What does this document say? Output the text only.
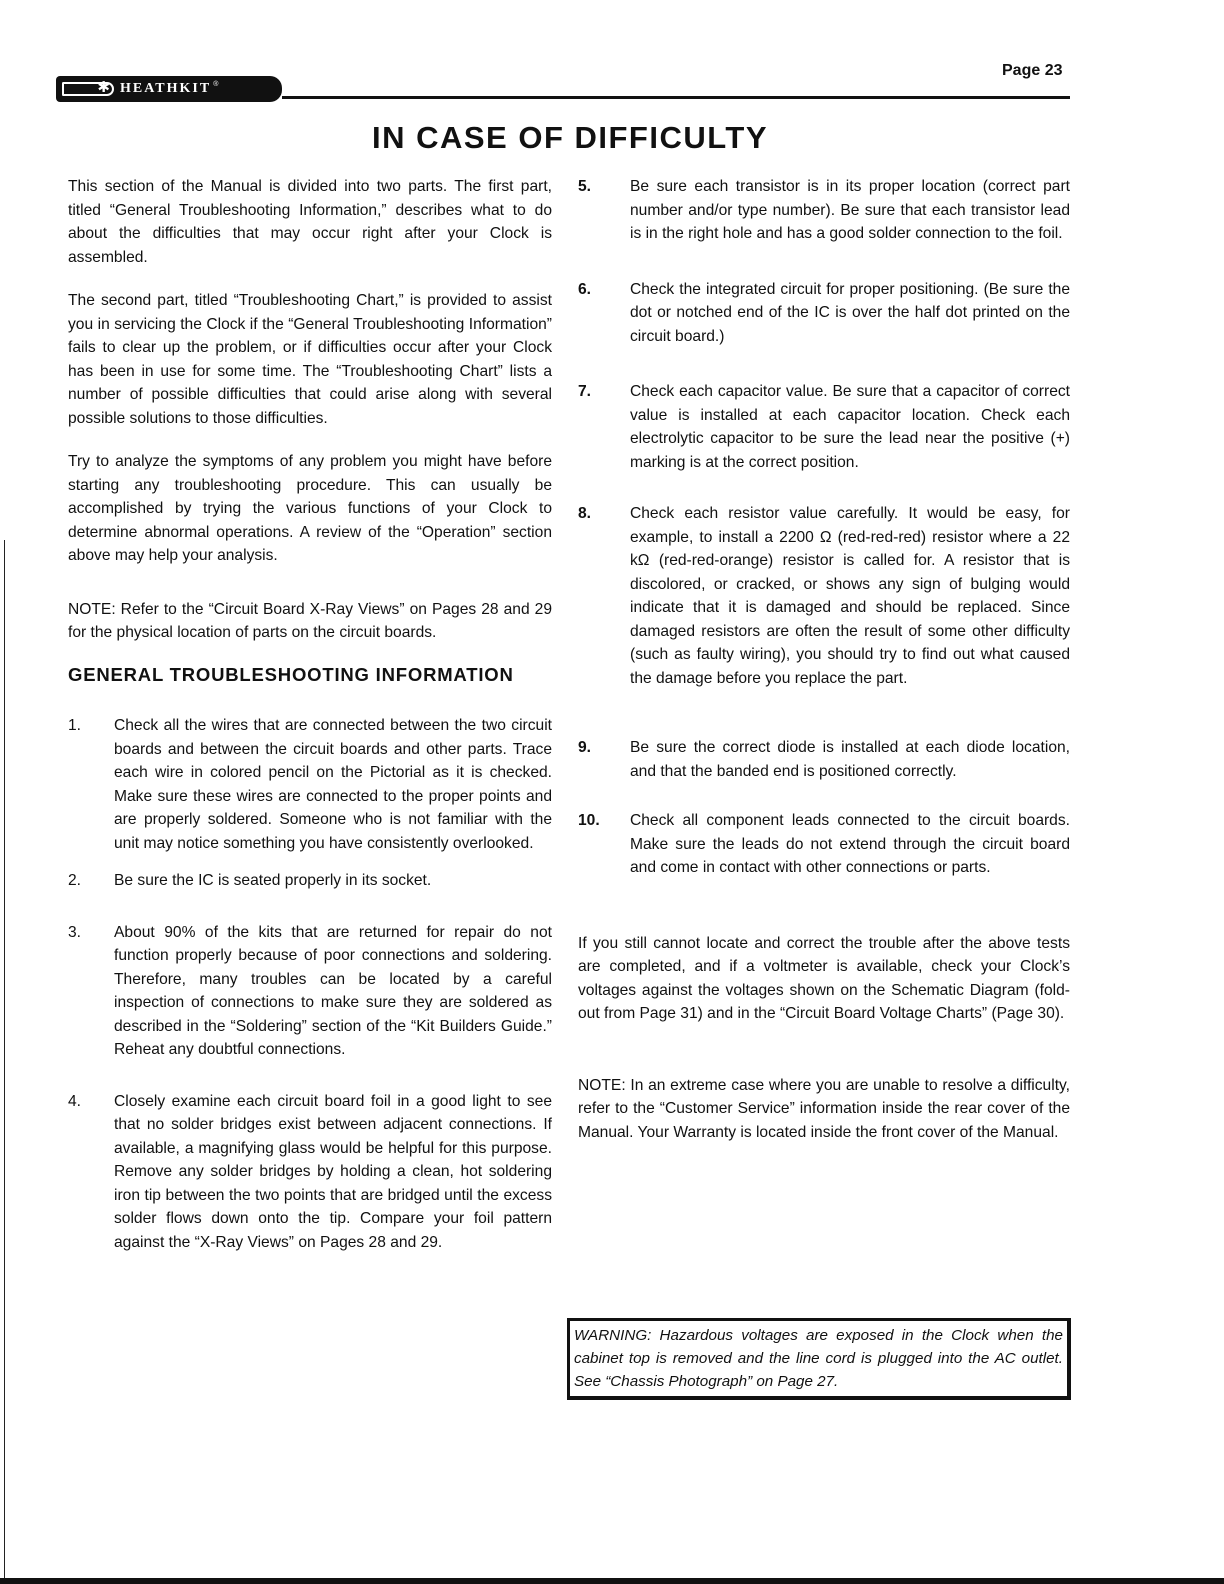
✱
HEATHKIT ®
Page 23
IN CASE OF DIFFICULTY

This section of the Manual is divided into two parts. The first part, titled “General Troubleshooting Information,” describes what to do about the difficulties that may occur right after your Clock is assembled.

The second part, titled “Troubleshooting Chart,” is provided to assist you in servicing the Clock if the “General Troubleshooting Information” fails to clear up the problem, or if difficulties occur after your Clock has been in use for some time. The “Troubleshooting Chart” lists a number of possible difficulties that could arise along with several possible solutions to those difficulties.

Try to analyze the symptoms of any problem you might have before starting any troubleshooting procedure. This can usually be accomplished by trying the various functions of your Clock to determine abnormal operations. A review of the “Operation” section above may help your analysis.

NOTE: Refer to the “Circuit Board X-Ray Views” on Pages 28 and 29 for the physical location of parts on the circuit boards.

GENERAL TROUBLESHOOTING INFORMATION
1.	Check all the wires that are connected between the two circuit boards and between the circuit boards and other parts. Trace each wire in colored pencil on the Pictorial as it is checked. Make sure these wires are connected to the proper points and are properly soldered. Someone who is not familiar with the unit may notice something you have consistently overlooked.
2.	Be sure the IC is seated properly in its socket.
3.	About 90% of the kits that are returned for repair do not function properly because of poor connections and soldering. Therefore, many troubles can be located by a careful inspection of connections to make sure they are soldered as described in the “Soldering” section of the “Kit Builders Guide.” Reheat any doubtful connections.
4.	Closely examine each circuit board foil in a good light to see that no solder bridges exist between adjacent connections. If available, a magnifying glass would be helpful for this purpose. Remove any solder bridges by holding a clean, hot soldering iron tip between the two points that are bridged until the excess solder flows down onto the tip. Compare your foil pattern against the “X-Ray Views” on Pages 28 and 29.
5.	Be sure each transistor is in its proper location (correct part number and/or type number). Be sure that each transistor lead is in the right hole and has a good solder connection to the foil.
6.	Check the integrated circuit for proper positioning. (Be sure the dot or notched end of the IC is over the half dot printed on the circuit board.)
7.	Check each capacitor value. Be sure that a capacitor of correct value is installed at each capacitor location. Check each electrolytic capacitor to be sure the lead near the positive (+) marking is at the correct position.
8.	Check each resistor value carefully. It would be easy, for example, to install a 2200 Ω (red-red-red) resistor where a 22 kΩ (red-red-orange) resistor is called for. A resistor that is discolored, or cracked, or shows any sign of bulging would indicate that it is damaged and should be replaced. Since damaged resistors are often the result of some other difficulty (such as faulty wiring), you should try to find out what caused the damage before you replace the part.
9.	Be sure the correct diode is installed at each diode location, and that the banded end is positioned correctly.
10.	Check all component leads connected to the circuit boards. Make sure the leads do not extend through the circuit board and come in contact with other connections or parts.

If you still cannot locate and correct the trouble after the above tests are completed, and if a voltmeter is available, check your Clock’s voltages against the voltages shown on the Schematic Diagram (fold-out from Page 31) and in the “Circuit Board Voltage Charts” (Page 30).

NOTE: In an extreme case where you are unable to resolve a difficulty, refer to the “Customer Service” information inside the rear cover of the Manual. Your Warranty is located inside the front cover of the Manual.

WARNING: Hazardous voltages are exposed in the Clock when the cabinet top is removed and the line cord is plugged into the AC outlet. See “Chassis Photograph” on Page 27.
